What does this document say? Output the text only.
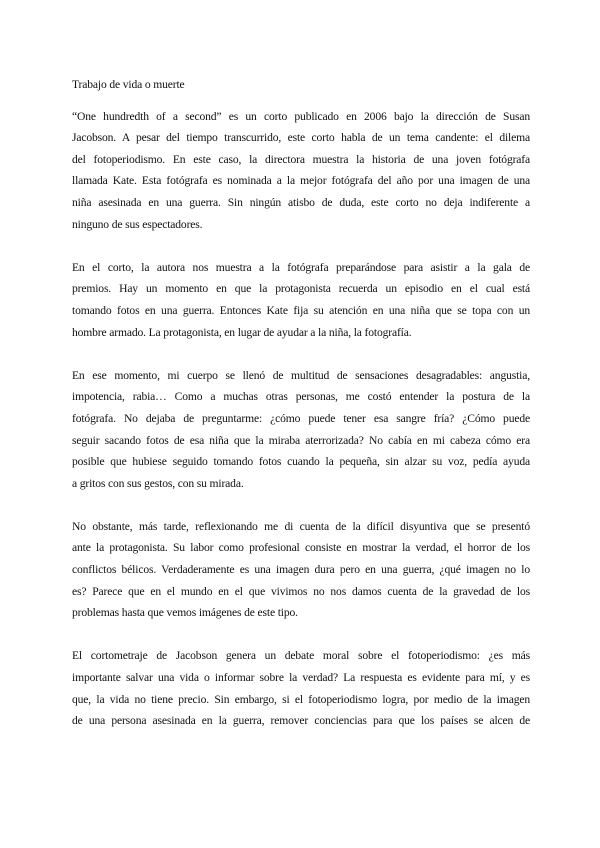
Trabajo de vida o muerte
“One hundredth of a second” es un corto publicado en 2006 bajo la dirección de Susan
Jacobson. A pesar del tiempo transcurrido, este corto habla de un tema candente: el dilema
del fotoperiodismo. En este caso, la directora muestra la historia de una joven fotógrafa
llamada Kate. Esta fotógrafa es nominada a la mejor fotógrafa del año por una imagen de una
niña asesinada en una guerra. Sin ningún atisbo de duda, este corto no deja indiferente a
ninguno de sus espectadores.
En el corto, la autora nos muestra a la fotógrafa preparándose para asistir a la gala de
premios. Hay un momento en que la protagonista recuerda un episodio en el cual está
tomando fotos en una guerra. Entonces Kate fija su atención en una niña que se topa con un
hombre armado. La protagonista, en lugar de ayudar a la niña, la fotografía.
En ese momento, mi cuerpo se llenó de multitud de sensaciones desagradables: angustia,
impotencia, rabia… Como a muchas otras personas, me costó entender la postura de la
fotógrafa. No dejaba de preguntarme: ¿cómo puede tener esa sangre fría? ¿Cómo puede
seguir sacando fotos de esa niña que la miraba aterrorizada? No cabía en mi cabeza cómo era
posible que hubiese seguido tomando fotos cuando la pequeña, sin alzar su voz, pedía ayuda
a gritos con sus gestos, con su mirada.
No obstante, más tarde, reflexionando me di cuenta de la difícil disyuntiva que se presentó
ante la protagonista. Su labor como profesional consiste en mostrar la verdad, el horror de los
conflictos bélicos. Verdaderamente es una imagen dura pero en una guerra, ¿qué imagen no lo
es? Parece que en el mundo en el que vivimos no nos damos cuenta de la gravedad de los
problemas hasta que vemos imágenes de este tipo.
El cortometraje de Jacobson genera un debate moral sobre el fotoperiodismo: ¿es más
importante salvar una vida o informar sobre la verdad? La respuesta es evidente para mí, y es
que, la vida no tiene precio. Sin embargo, si el fotoperiodismo logra, por medio de la imagen
de una persona asesinada en la guerra, remover conciencias para que los países se alcen de
